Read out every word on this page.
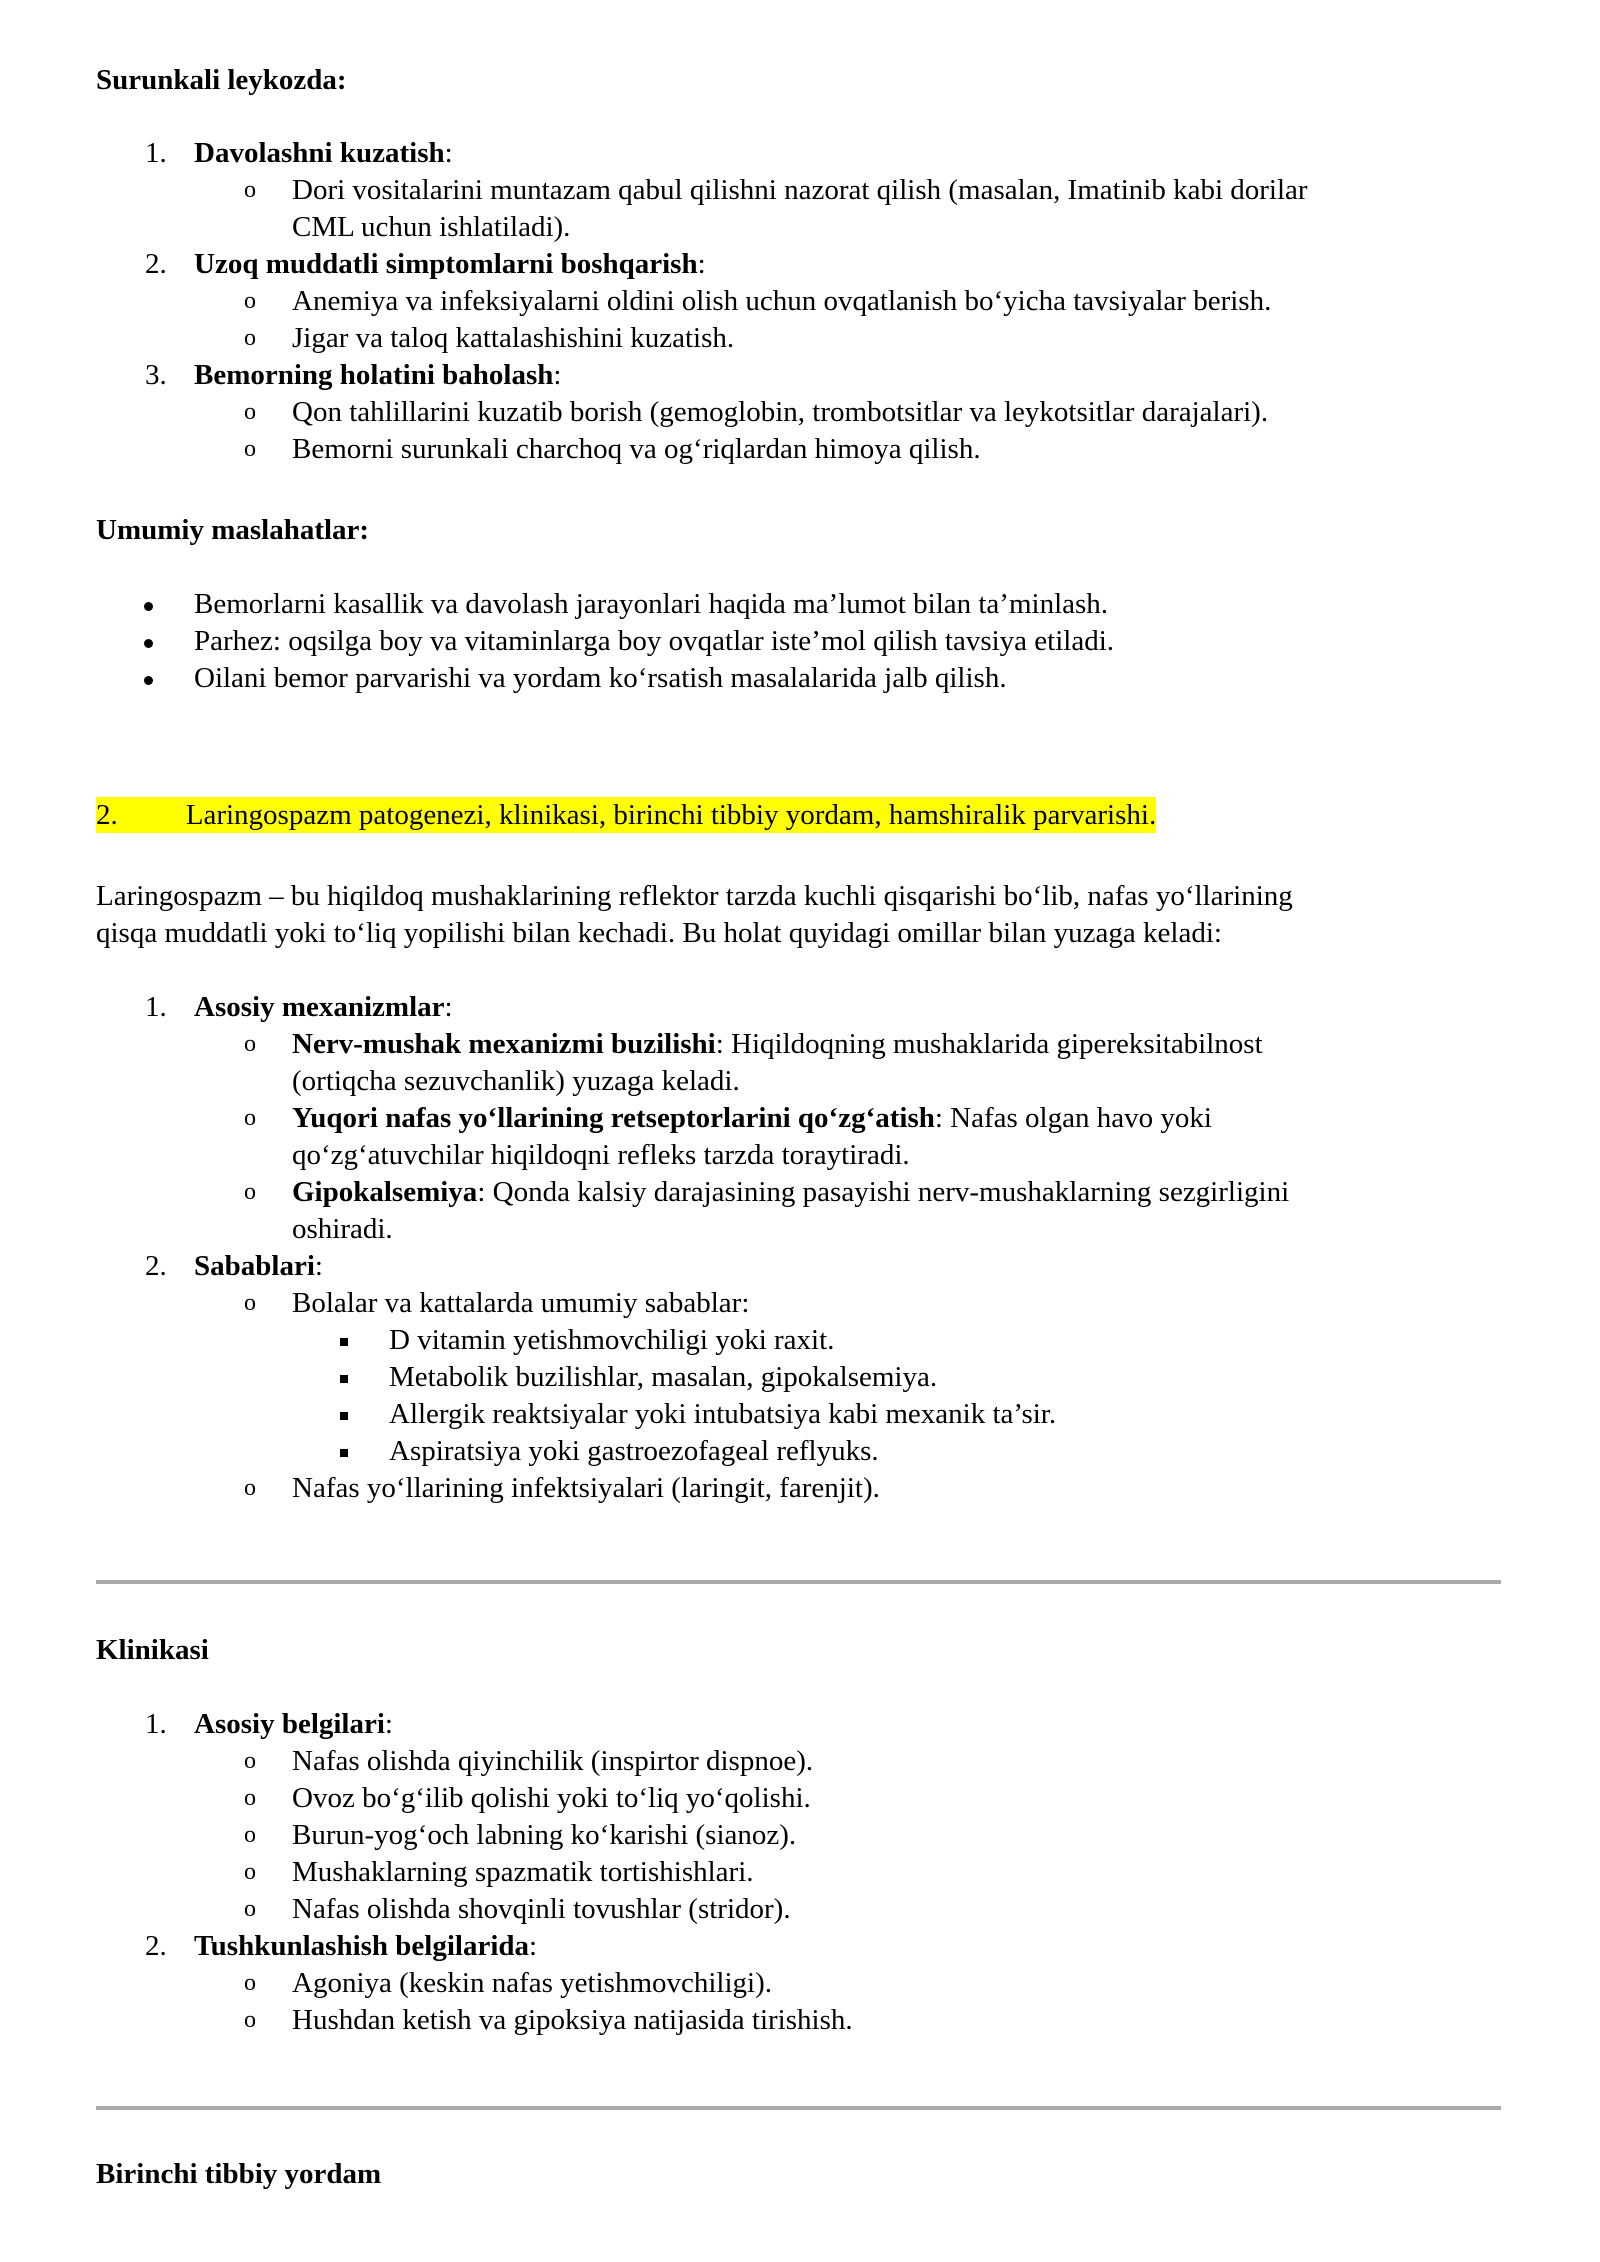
Surunkali leykozda:
1. Davolashni kuzatish:
o Dori vositalarini muntazam qabul qilishni nazorat qilish (masalan, Imatinib kabi dorilar
CML uchun ishlatiladi).
2. Uzoq muddatli simptomlarni boshqarish:
o Anemiya va infeksiyalarni oldini olish uchun ovqatlanish bo‘yicha tavsiyalar berish.
o Jigar va taloq kattalashishini kuzatish.
3. Bemorning holatini baholash:
o Qon tahlillarini kuzatib borish (gemoglobin, trombotsitlar va leykotsitlar darajalari).
o Bemorni surunkali charchoq va og‘riqlardan himoya qilish.
Umumiy maslahatlar:
Bemorlarni kasallik va davolash jarayonlari haqida ma’lumot bilan ta’minlash.
Parhez: oqsilga boy va vitaminlarga boy ovqatlar iste’mol qilish tavsiya etiladi.
Oilani bemor parvarishi va yordam ko‘rsatish masalalarida jalb qilish.
2. Laringospazm patogenezi, klinikasi, birinchi tibbiy yordam, hamshiralik parvarishi.
Laringospazm – bu hiqildoq mushaklarining reflektor tarzda kuchli qisqarishi bo‘lib, nafas yo‘llarining
qisqa muddatli yoki to‘liq yopilishi bilan kechadi. Bu holat quyidagi omillar bilan yuzaga keladi:
1. Asosiy mexanizmlar:
o Nerv-mushak mexanizmi buzilishi: Hiqildoqning mushaklarida gipereksitabilnost
(ortiqcha sezuvchanlik) yuzaga keladi.
o Yuqori nafas yo‘llarining retseptorlarini qo‘zg‘atish: Nafas olgan havo yoki
qo‘zg‘atuvchilar hiqildoqni refleks tarzda toraytiradi.
o Gipokalsemiya: Qonda kalsiy darajasining pasayishi nerv-mushaklarning sezgirligini
oshiradi.
2. Sabablari:
o Bolalar va kattalarda umumiy sabablar:
D vitamin yetishmovchiligi yoki raxit.
Metabolik buzilishlar, masalan, gipokalsemiya.
Allergik reaktsiyalar yoki intubatsiya kabi mexanik ta’sir.
Aspiratsiya yoki gastroezofageal reflyuks.
o Nafas yo‘llarining infektsiyalari (laringit, farenjit).
Klinikasi
1. Asosiy belgilari:
o Nafas olishda qiyinchilik (inspirtor dispnoe).
o Ovoz bo‘g‘ilib qolishi yoki to‘liq yo‘qolishi.
o Burun-yog‘och labning ko‘karishi (sianoz).
o Mushaklarning spazmatik tortishishlari.
o Nafas olishda shovqinli tovushlar (stridor).
2. Tushkunlashish belgilarida:
o Agoniya (keskin nafas yetishmovchiligi).
o Hushdan ketish va gipoksiya natijasida tirishish.
Birinchi tibbiy yordam
